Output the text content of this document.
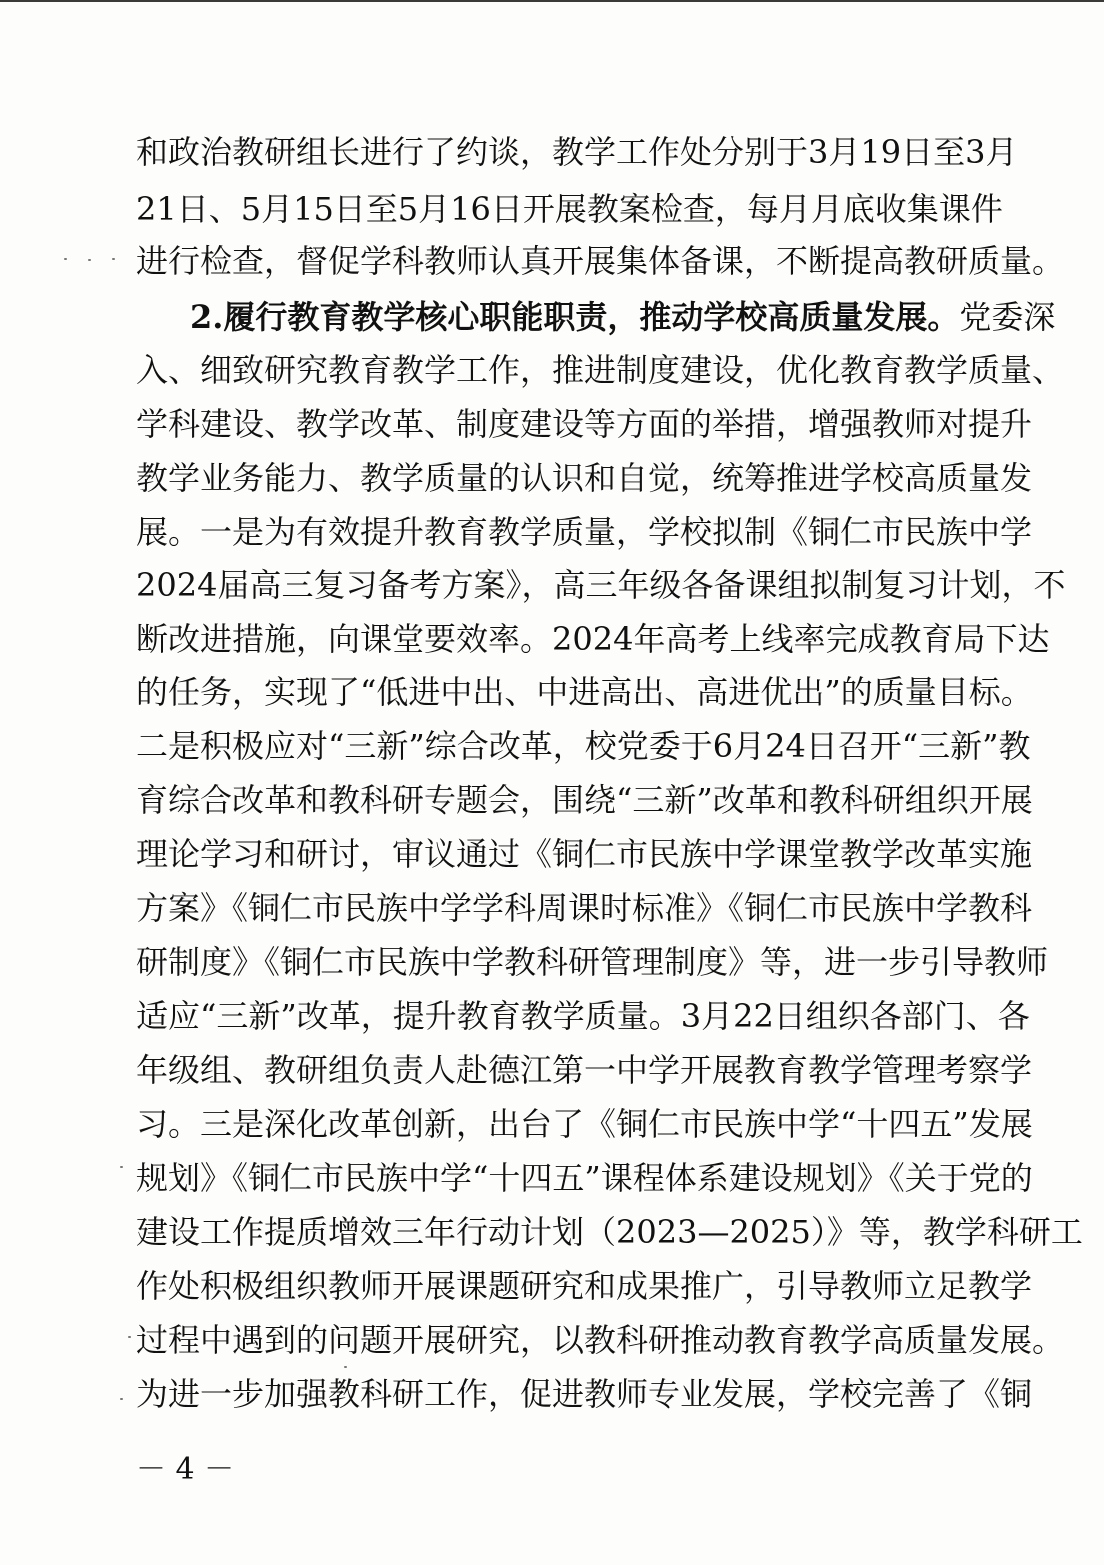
和政治教研组长进行了约谈，教学工作处分别于3月19日至3月
21日、5月15日至5月16日开展教案检查，每月月底收集课件
进行检查，督促学科教师认真开展集体备课，不断提高教研质量。
2.履行教育教学核心职能职责，推动学校高质量发展。党委深
入、细致研究教育教学工作，推进制度建设，优化教育教学质量、
学科建设、教学改革、制度建设等方面的举措，增强教师对提升
教学业务能力、教学质量的认识和自觉，统筹推进学校高质量发
展。一是为有效提升教育教学质量，学校拟制《铜仁市民族中学
2024届高三复习备考方案》，高三年级各备课组拟制复习计划，不
断改进措施，向课堂要效率。2024年高考上线率完成教育局下达
的任务，实现了“低进中出、中进高出、高进优出”的质量目标。
二是积极应对“三新”综合改革，校党委于6月24日召开“三新”教
育综合改革和教科研专题会，围绕“三新”改革和教科研组织开展
理论学习和研讨，审议通过《铜仁市民族中学课堂教学改革实施
方案》《铜仁市民族中学学科周课时标准》《铜仁市民族中学教科
研制度》《铜仁市民族中学教科研管理制度》等，进一步引导教师
适应“三新”改革，提升教育教学质量。3月22日组织各部门、各
年级组、教研组负责人赴德江第一中学开展教育教学管理考察学
习。三是深化改革创新，出台了《铜仁市民族中学“十四五”发展
规划》《铜仁市民族中学“十四五”课程体系建设规划》《关于党的
建设工作提质增效三年行动计划（2023—2025）》等，教学科研工
作处积极组织教师开展课题研究和成果推广，引导教师立足教学
过程中遇到的问题开展研究，以教科研推动教育教学高质量发展。
为进一步加强教科研工作，促进教师专业发展，学校完善了《铜
－ 4 －
